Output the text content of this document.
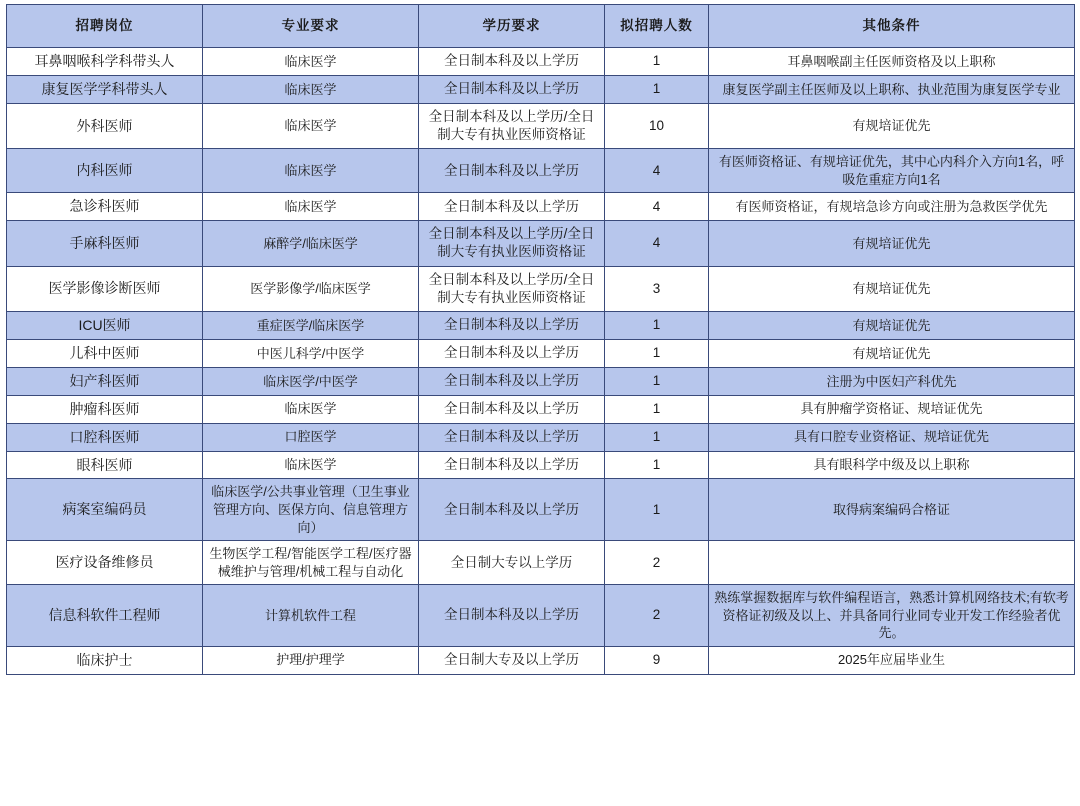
招聘岗位	专业要求	学历要求	拟招聘人数	其他条件
耳鼻咽喉科学科带头人	临床医学	全日制本科及以上学历	1	耳鼻咽喉副主任医师资格及以上职称
康复医学学科带头人	临床医学	全日制本科及以上学历	1	康复医学副主任医师及以上职称、执业范围为康复医学专业
外科医师	临床医学	全日制本科及以上学历/全日制大专有执业医师资格证	10	有规培证优先
内科医师	临床医学	全日制本科及以上学历	4	有医师资格证、有规培证优先，其中心内科介入方向1名，呼吸危重症方向1名
急诊科医师	临床医学	全日制本科及以上学历	4	有医师资格证，有规培急诊方向或注册为急救医学优先
手麻科医师	麻醉学/临床医学	全日制本科及以上学历/全日制大专有执业医师资格证	4	有规培证优先
医学影像诊断医师	医学影像学/临床医学	全日制本科及以上学历/全日制大专有执业医师资格证	3	有规培证优先
ICU医师	重症医学/临床医学	全日制本科及以上学历	1	有规培证优先
儿科中医师	中医儿科学/中医学	全日制本科及以上学历	1	有规培证优先
妇产科医师	临床医学/中医学	全日制本科及以上学历	1	注册为中医妇产科优先
肿瘤科医师	临床医学	全日制本科及以上学历	1	具有肿瘤学资格证、规培证优先
口腔科医师	口腔医学	全日制本科及以上学历	1	具有口腔专业资格证、规培证优先
眼科医师	临床医学	全日制本科及以上学历	1	具有眼科学中级及以上职称
病案室编码员	临床医学/公共事业管理（卫生事业管理方向、医保方向、信息管理方向）	全日制本科及以上学历	1	取得病案编码合格证
医疗设备维修员	生物医学工程/智能医学工程/医疗器械维护与管理/机械工程与自动化	全日制大专以上学历	2	
信息科软件工程师	计算机软件工程	全日制本科及以上学历	2	熟练掌握数据库与软件编程语言，熟悉计算机网络技术;有软考资格证初级及以上、并具备同行业同专业开发工作经验者优先。
临床护士	护理/护理学	全日制大专及以上学历	9	2025年应届毕业生
